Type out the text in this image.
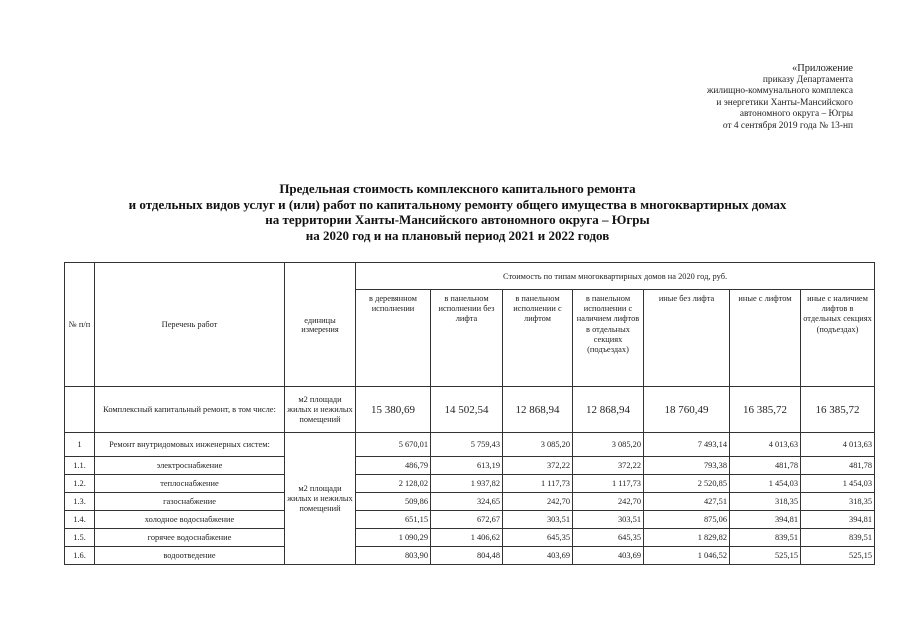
«Приложение
приказу Департамента
жилищно-коммунального комплекса
и энергетики Ханты-Мансийского
автономного округа – Югры
от 4 сентября 2019 года № 13-нп
Предельная стоимость комплексного капитального ремонта
и отдельных видов услуг и (или) работ по капитальному ремонту общего имущества в многоквартирных домах
на территории Ханты-Мансийского автономного округа – Югры
на 2020 год и на плановый период 2021 и 2022 годов
№ п/п	Перечень работ	единицы измерения	Стоимость по типам многоквартирных домов на 2020 год, руб.						
			в деревянном исполнении	в панельном исполнении без лифта	в панельном исполнении с лифтом	в панельном исполнении с наличием лифтов в отдельных секциях (подъездах)	иные без лифта	иные с лифтом	иные с наличием лифтов в отдельных секциях (подъездах)
	Комплексный капитальный ремонт, в том числе:	м2 площади жилых и нежилых помещений	15 380,69	14 502,54	12 868,94	12 868,94	18 760,49	16 385,72	16 385,72
1	Ремонт внутридомовых инженерных систем:	м2 площади жилых и нежилых помещений	5 670,01	5 759,43	3 085,20	3 085,20	7 493,14	4 013,63	4 013,63
1.1.	электроснабжение		486,79	613,19	372,22	372,22	793,38	481,78	481,78
1.2.	теплоснабжение		2 128,02	1 937,82	1 117,73	1 117,73	2 520,85	1 454,03	1 454,03
1.3.	газоснабжение		509,86	324,65	242,70	242,70	427,51	318,35	318,35
1.4.	холодное водоснабжение		651,15	672,67	303,51	303,51	875,06	394,81	394,81
1.5.	горячее водоснабжение		1 090,29	1 406,62	645,35	645,35	1 829,82	839,51	839,51
1.6.	водоотведение		803,90	804,48	403,69	403,69	1 046,52	525,15	525,15
